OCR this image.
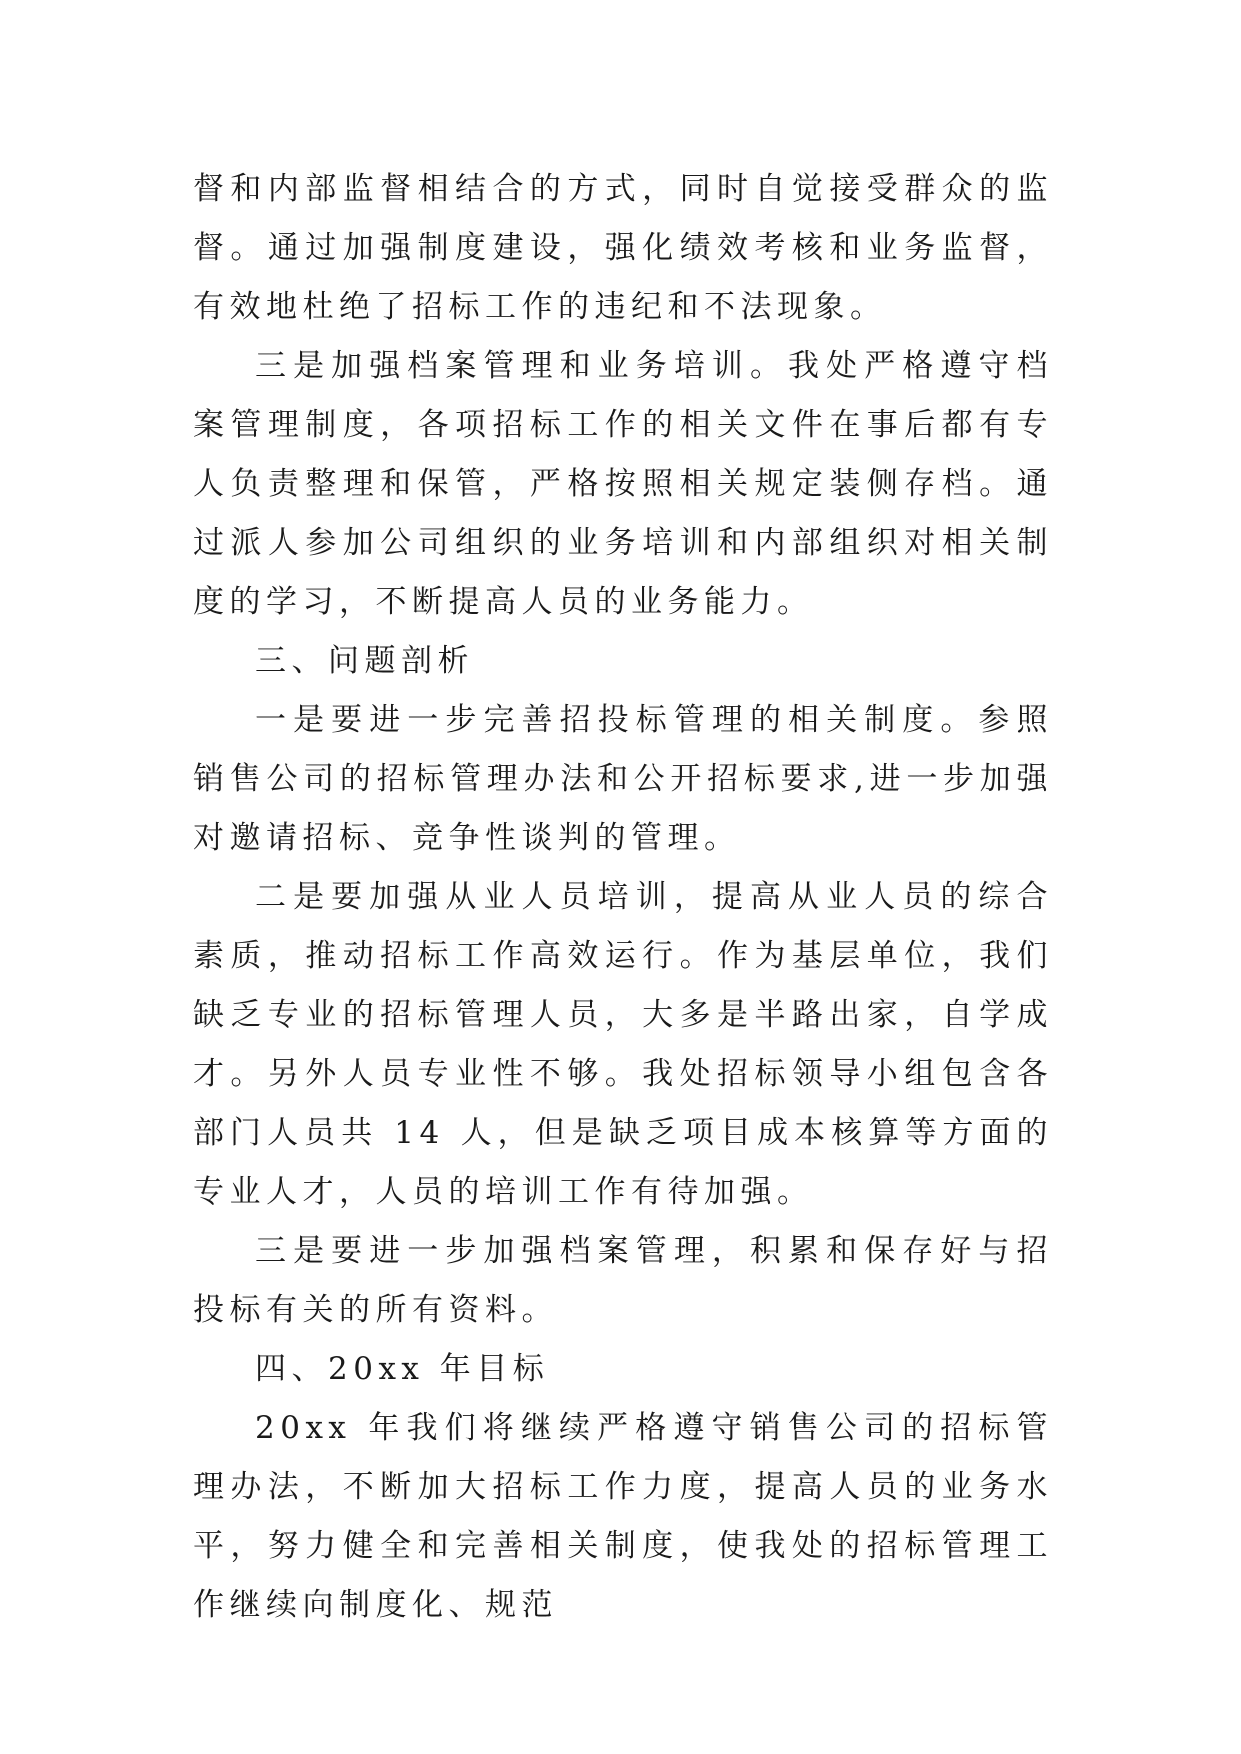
督和内部监督相结合的方式，同时自觉接受群众的监督。通过加强制度建设，强化绩效考核和业务监督，有效地杜绝了招标工作的违纪和不法现象。

三是加强档案管理和业务培训。我处严格遵守档案管理制度，各项招标工作的相关文件在事后都有专人负责整理和保管，严格按照相关规定装侧存档。通过派人参加公司组织的业务培训和内部组织对相关制度的学习，不断提高人员的业务能力。

三、问题剖析

一是要进一步完善招投标管理的相关制度。参照销售公司的招标管理办法和公开招标要求,进一步加强对邀请招标、竞争性谈判的管理。

二是要加强从业人员培训，提高从业人员的综合素质，推动招标工作高效运行。作为基层单位，我们缺乏专业的招标管理人员，大多是半路出家，自学成才。另外人员专业性不够。我处招标领导小组包含各部门人员共 14 人，但是缺乏项目成本核算等方面的专业人才，人员的培训工作有待加强。

三是要进一步加强档案管理，积累和保存好与招投标有关的所有资料。

四、20xx 年目标

20xx 年我们将继续严格遵守销售公司的招标管理办法，不断加大招标工作力度，提高人员的业务水平，努力健全和完善相关制度，使我处的招标管理工作继续向制度化、规范
